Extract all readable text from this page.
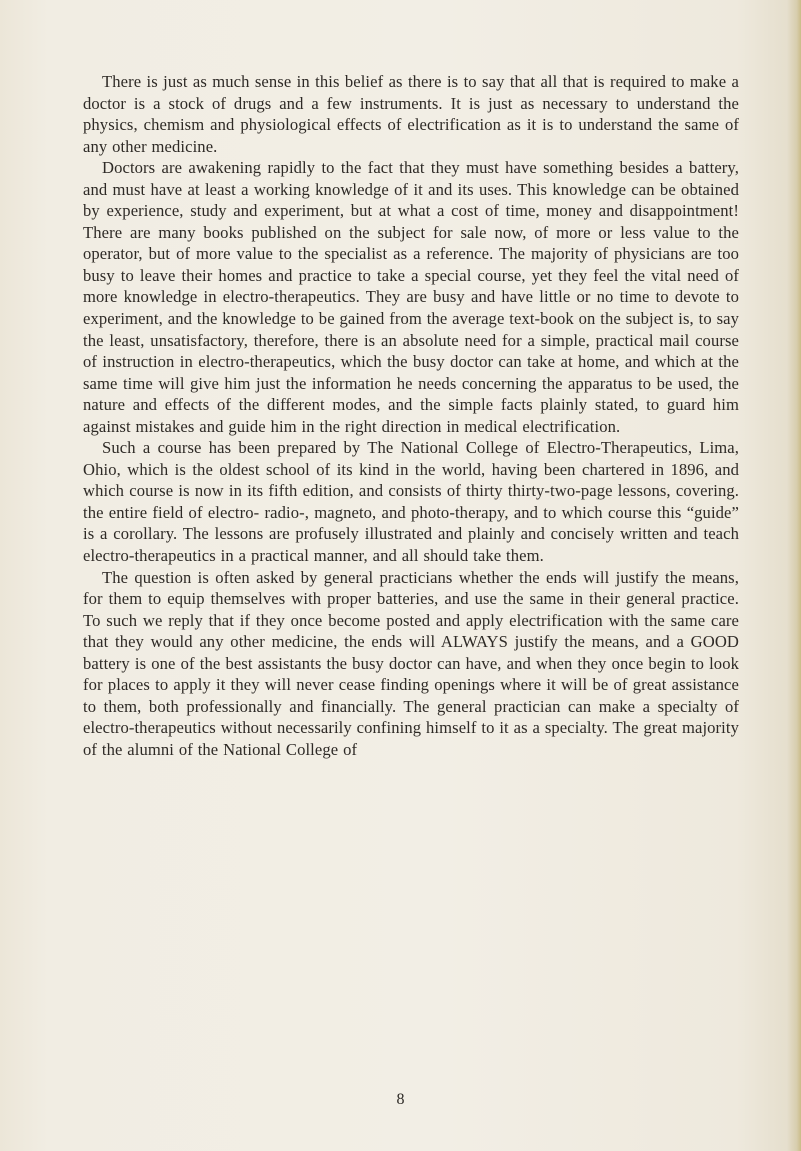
There is just as much sense in this belief as there is to say that all that is required to make a doctor is a stock of drugs and a few instruments. It is just as necessary to understand the physics, chemism and physiological effects of electrification as it is to understand the same of any other medicine.

Doctors are awakening rapidly to the fact that they must have something besides a battery, and must have at least a working knowledge of it and its uses. This knowledge can be obtained by experience, study and experiment, but at what a cost of time, money and disappointment! There are many books published on the subject for sale now, of more or less value to the operator, but of more value to the specialist as a reference. The majority of physicians are too busy to leave their homes and practice to take a special course, yet they feel the vital need of more knowledge in electro-therapeutics. They are busy and have little or no time to devote to experiment, and the knowledge to be gained from the average text-book on the subject is, to say the least, unsatisfactory, therefore, there is an absolute need for a simple, practical mail course of instruction in electro-therapeutics, which the busy doctor can take at home, and which at the same time will give him just the information he needs concerning the apparatus to be used, the nature and effects of the different modes, and the simple facts plainly stated, to guard him against mistakes and guide him in the right direction in medical electrification.

Such a course has been prepared by The National College of Electro-Therapeutics, Lima, Ohio, which is the oldest school of its kind in the world, having been chartered in 1896, and which course is now in its fifth edition, and consists of thirty thirty-two-page lessons, covering. the entire field of electro- radio-, magneto, and photo-therapy, and to which course this “guide” is a corollary. The lessons are profusely illustrated and plainly and concisely written and teach electro-therapeutics in a practical manner, and all should take them.

The question is often asked by general practicians whether the ends will justify the means, for them to equip themselves with proper batteries, and use the same in their general practice. To such we reply that if they once become posted and apply electrification with the same care that they would any other medicine, the ends will ALWAYS justify the means, and a GOOD battery is one of the best assistants the busy doctor can have, and when they once begin to look for places to apply it they will never cease finding openings where it will be of great assistance to them, both professionally and financially. The general practician can make a specialty of electro-therapeutics without necessarily confining himself to it as a specialty. The great majority of the alumni of the National College of

8
